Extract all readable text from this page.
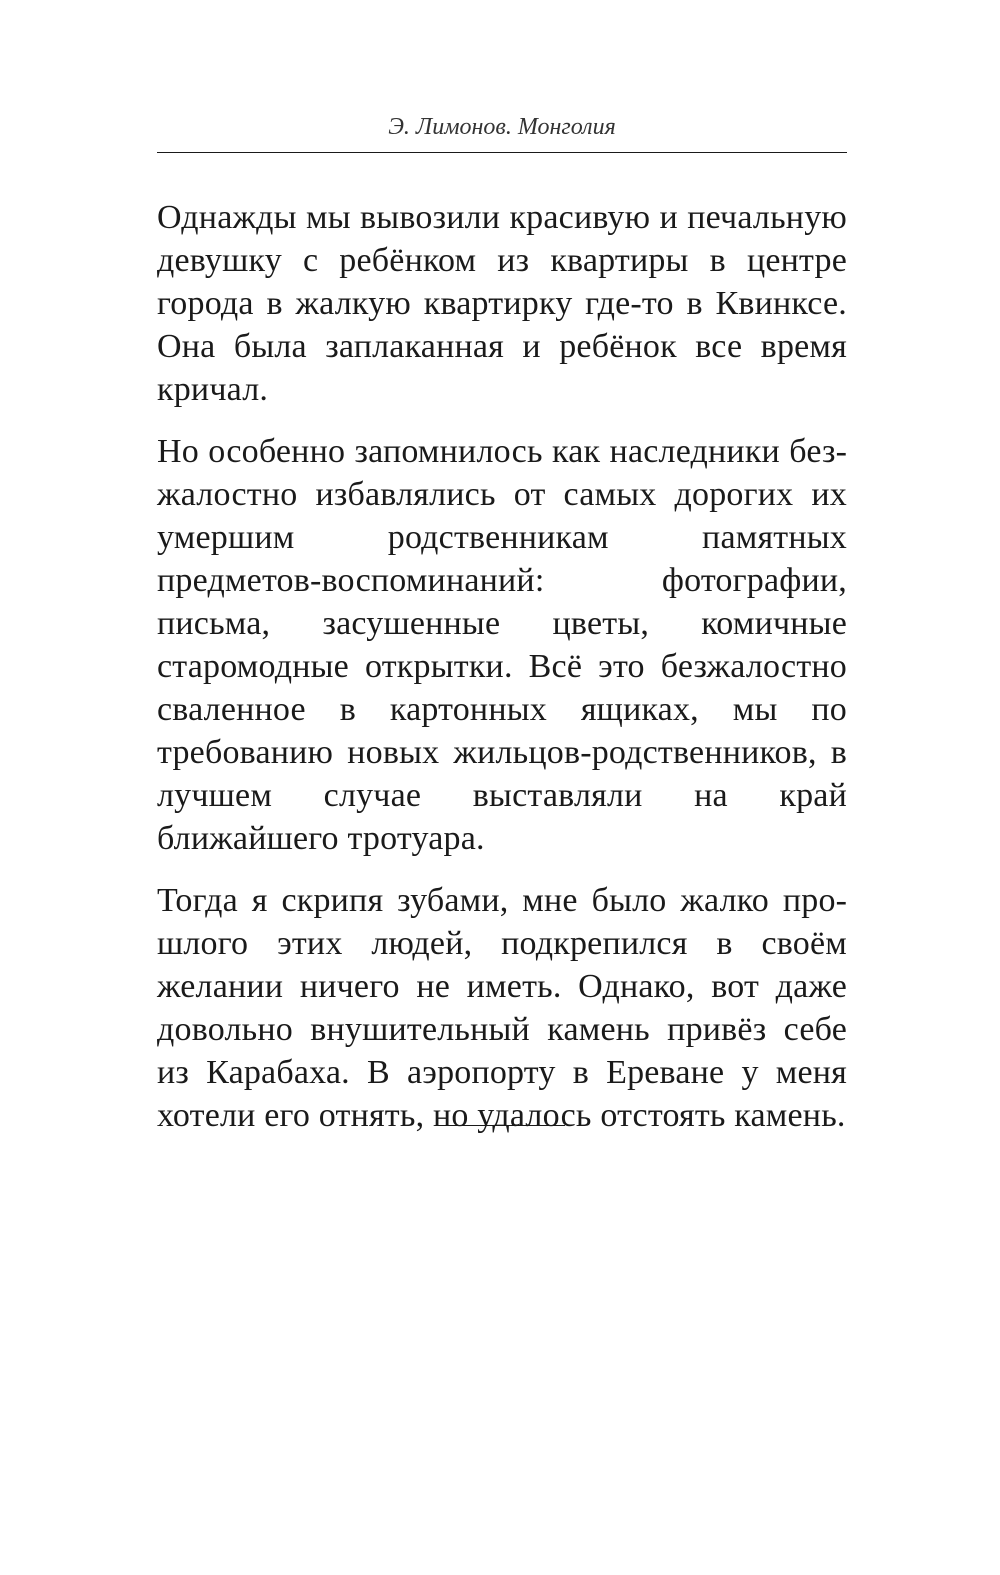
Э. Лимонов. Монголия

Однажды мы вывозили красивую и печальную девушку с ребёнком из квартиры в центре города в жалкую квартирку где-то в Квинксе. Она была заплаканная и ребёнок все время кричал.

Но особенно запомнилось как наследники безжалостно избавлялись от самых дорогих их умершим родственникам памятных предметов-воспоминаний: фотографии, письма, засушенные цветы, комичные старомодные открытки. Всё это безжалостно сваленное в картонных ящиках, мы по требованию новых жильцов-родственников, в лучшем случае выставляли на край ближайшего тротуара.

Тогда я скрипя зубами, мне было жалко прошлого этих людей, подкрепился в своём желании ничего не иметь. Однако, вот даже довольно внушительный камень привёз себе из Карабаха. В аэропорту в Ереване у меня хотели его отнять, но удалось отстоять камень.
